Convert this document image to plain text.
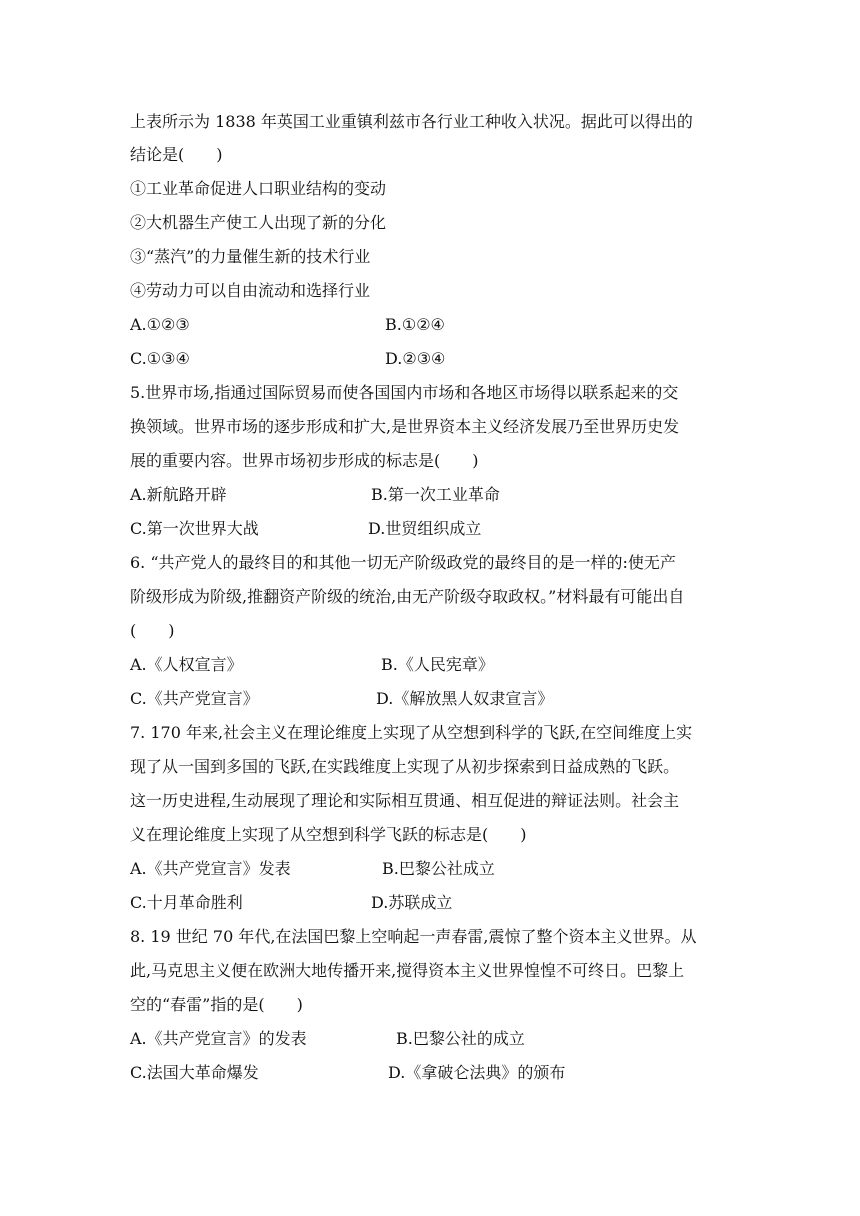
上表所示为 1838 年英国工业重镇利兹市各行业工种收入状况。据此可以得出的
结论是(　　)
①工业革命促进人口职业结构的变动
②大机器生产使工人出现了新的分化
③“蒸汽”的力量催生新的技术行业
④劳动力可以自由流动和选择行业
A.①②③	B.①②④
C.①③④	D.②③④
5.世界市场,指通过国际贸易而使各国国内市场和各地区市场得以联系起来的交
换领域。世界市场的逐步形成和扩大,是世界资本主义经济发展乃至世界历史发
展的重要内容。世界市场初步形成的标志是(　　)
A.新航路开辟	B.第一次工业革命
C.第一次世界大战	D.世贸组织成立
6. “共产党人的最终目的和其他一切无产阶级政党的最终目的是一样的:使无产
阶级形成为阶级,推翻资产阶级的统治,由无产阶级夺取政权。”材料最有可能出自
(　　)
A.《人权宣言》	B.《人民宪章》
C.《共产党宣言》	D.《解放黑人奴隶宣言》
7. 170 年来,社会主义在理论维度上实现了从空想到科学的飞跃,在空间维度上实
现了从一国到多国的飞跃,在实践维度上实现了从初步探索到日益成熟的飞跃。
这一历史进程,生动展现了理论和实际相互贯通、相互促进的辩证法则。社会主
义在理论维度上实现了从空想到科学飞跃的标志是(　　)
A.《共产党宣言》发表	B.巴黎公社成立
C.十月革命胜利	D.苏联成立
8. 19 世纪 70 年代,在法国巴黎上空响起一声春雷,震惊了整个资本主义世界。从
此,马克思主义便在欧洲大地传播开来,搅得资本主义世界惶惶不可终日。巴黎上
空的“春雷”指的是(　　)
A.《共产党宣言》的发表	B.巴黎公社的成立
C.法国大革命爆发	D.《拿破仑法典》的颁布
